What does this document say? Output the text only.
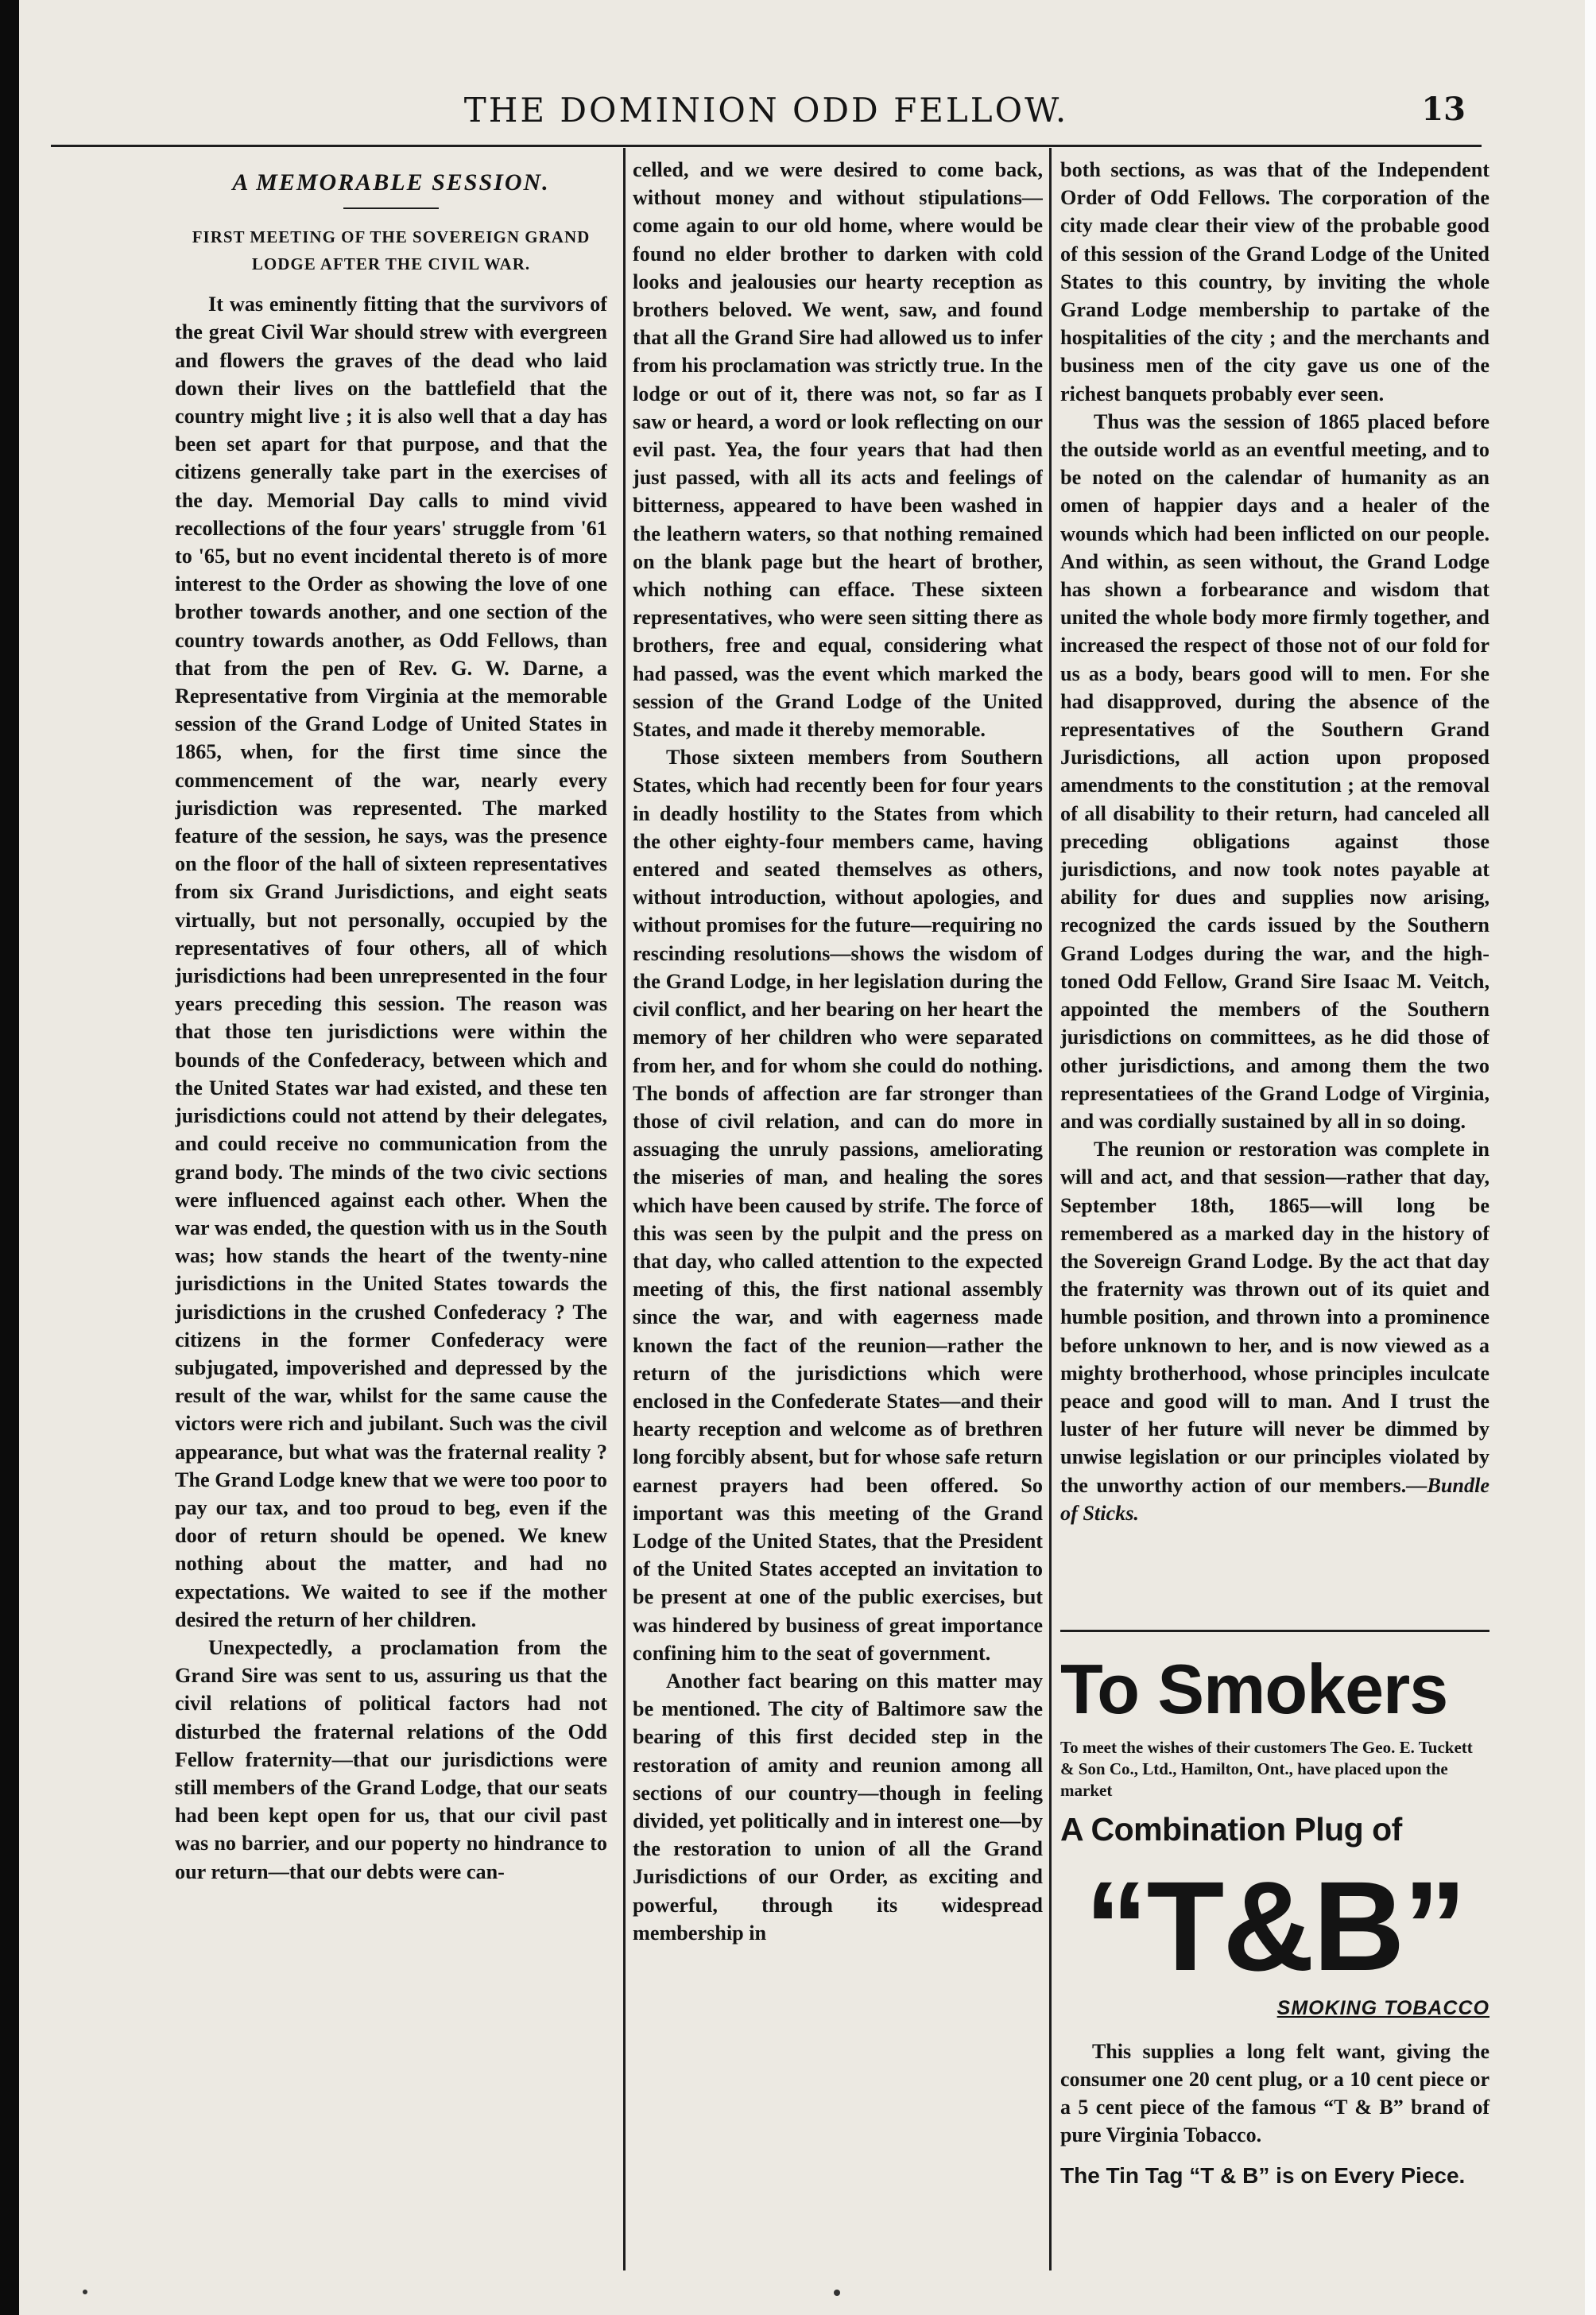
THE DOMINION ODD FELLOW.	13
A MEMORABLE SESSION.
FIRST MEETING OF THE SOVEREIGN GRAND LODGE AFTER THE CIVIL WAR.

It was eminently fitting that the survivors of the great Civil War should strew with evergreen and flowers the graves of the dead who laid down their lives on the battlefield that the country might live ; it is also well that a day has been set apart for that purpose, and that the citizens generally take part in the exercises of the day. Memorial Day calls to mind vivid recollections of the four years' struggle from '61 to '65, but no event incidental thereto is of more interest to the Order as showing the love of one brother towards another, and one section of the country towards another, as Odd Fellows, than that from the pen of Rev. G. W. Darne, a Representative from Virginia at the memorable session of the Grand Lodge of United States in 1865, when, for the first time since the commencement of the war, nearly every jurisdiction was represented. The marked feature of the session, he says, was the presence on the floor of the hall of sixteen representatives from six Grand Jurisdictions, and eight seats virtually, but not personally, occupied by the representatives of four others, all of which jurisdictions had been unrepresented in the four years preceding this session. The reason was that those ten jurisdictions were within the bounds of the Confederacy, between which and the United States war had existed, and these ten jurisdictions could not attend by their delegates, and could receive no communication from the grand body. The minds of the two civic sections were influenced against each other. When the war was ended, the question with us in the South was; how stands the heart of the twenty-nine jurisdictions in the United States towards the jurisdictions in the crushed Confederacy ? The citizens in the former Confederacy were subjugated, impoverished and depressed by the result of the war, whilst for the same cause the victors were rich and jubilant. Such was the civil appearance, but what was the fraternal reality ? The Grand Lodge knew that we were too poor to pay our tax, and too proud to beg, even if the door of return should be opened. We knew nothing about the matter, and had no expectations. We waited to see if the mother desired the return of her children.

Unexpectedly, a proclamation from the Grand Sire was sent to us, assuring us that the civil relations of political factors had not disturbed the fraternal relations of the Odd Fellow fraternity—that our jurisdictions were still members of the Grand Lodge, that our seats had been kept open for us, that our civil past was no barrier, and our poperty no hindrance to our return—that our debts were can-

celled, and we were desired to come back, without money and without stipulations—come again to our old home, where would be found no elder brother to darken with cold looks and jealousies our hearty reception as brothers beloved. We went, saw, and found that all the Grand Sire had allowed us to infer from his proclamation was strictly true. In the lodge or out of it, there was not, so far as I saw or heard, a word or look reflecting on our evil past. Yea, the four years that had then just passed, with all its acts and feelings of bitterness, appeared to have been washed in the leathern waters, so that nothing remained on the blank page but the heart of brother, which nothing can efface. These sixteen representatives, who were seen sitting there as brothers, free and equal, considering what had passed, was the event which marked the session of the Grand Lodge of the United States, and made it thereby memorable.

Those sixteen members from Southern States, which had recently been for four years in deadly hostility to the States from which the other eighty-four members came, having entered and seated themselves as others, without introduction, without apologies, and without promises for the future—requiring no rescinding resolutions—shows the wisdom of the Grand Lodge, in her legislation during the civil conflict, and her bearing on her heart the memory of her children who were separated from her, and for whom she could do nothing. The bonds of affection are far stronger than those of civil relation, and can do more in assuaging the unruly passions, ameliorating the miseries of man, and healing the sores which have been caused by strife. The force of this was seen by the pulpit and the press on that day, who called attention to the expected meeting of this, the first national assembly since the war, and with eagerness made known the fact of the reunion—rather the return of the jurisdictions which were enclosed in the Confederate States—and their hearty reception and welcome as of brethren long forcibly absent, but for whose safe return earnest prayers had been offered. So important was this meeting of the Grand Lodge of the United States, that the President of the United States accepted an invitation to be present at one of the public exercises, but was hindered by business of great importance confining him to the seat of government.

Another fact bearing on this matter may be mentioned. The city of Baltimore saw the bearing of this first decided step in the restoration of amity and reunion among all sections of our country—though in feeling divided, yet politically and in interest one—by the restoration to union of all the Grand Jurisdictions of our Order, as exciting and powerful, through its widespread membership in

both sections, as was that of the Independent Order of Odd Fellows. The corporation of the city made clear their view of the probable good of this session of the Grand Lodge of the United States to this country, by inviting the whole Grand Lodge membership to partake of the hospitalities of the city ; and the merchants and business men of the city gave us one of the richest banquets probably ever seen.

Thus was the session of 1865 placed before the outside world as an eventful meeting, and to be noted on the calendar of humanity as an omen of happier days and a healer of the wounds which had been inflicted on our people. And within, as seen without, the Grand Lodge has shown a forbearance and wisdom that united the whole body more firmly together, and increased the respect of those not of our fold for us as a body, bears good will to men. For she had disapproved, during the absence of the representatives of the Southern Grand Jurisdictions, all action upon proposed amendments to the constitution ; at the removal of all disability to their return, had canceled all preceding obligations against those jurisdictions, and now took notes payable at ability for dues and supplies now arising, recognized the cards issued by the Southern Grand Lodges during the war, and the high-toned Odd Fellow, Grand Sire Isaac M. Veitch, appointed the members of the Southern jurisdictions on committees, as he did those of other jurisdictions, and among them the two representatiees of the Grand Lodge of Virginia, and was cordially sustained by all in so doing.

The reunion or restoration was complete in will and act, and that session—rather that day, September 18th, 1865—will long be remembered as a marked day in the history of the Sovereign Grand Lodge. By the act that day the fraternity was thrown out of its quiet and humble position, and thrown into a prominence before unknown to her, and is now viewed as a mighty brotherhood, whose principles inculcate peace and good will to man. And I trust the luster of her future will never be dimmed by unwise legislation or our principles violated by the unworthy action of our members.—Bundle of Sticks.

To Smokers
To meet the wishes of their customers The Geo. E. Tuckett & Son Co., Ltd., Hamilton, Ont., have placed upon the market
A Combination Plug of
“T&B”
SMOKING TOBACCO
This supplies a long felt want, giving the consumer one 20 cent plug, or a 10 cent piece or a 5 cent piece of the famous “T & B” brand of pure Virginia Tobacco.
The Tin Tag “T & B” is on Every Piece.
